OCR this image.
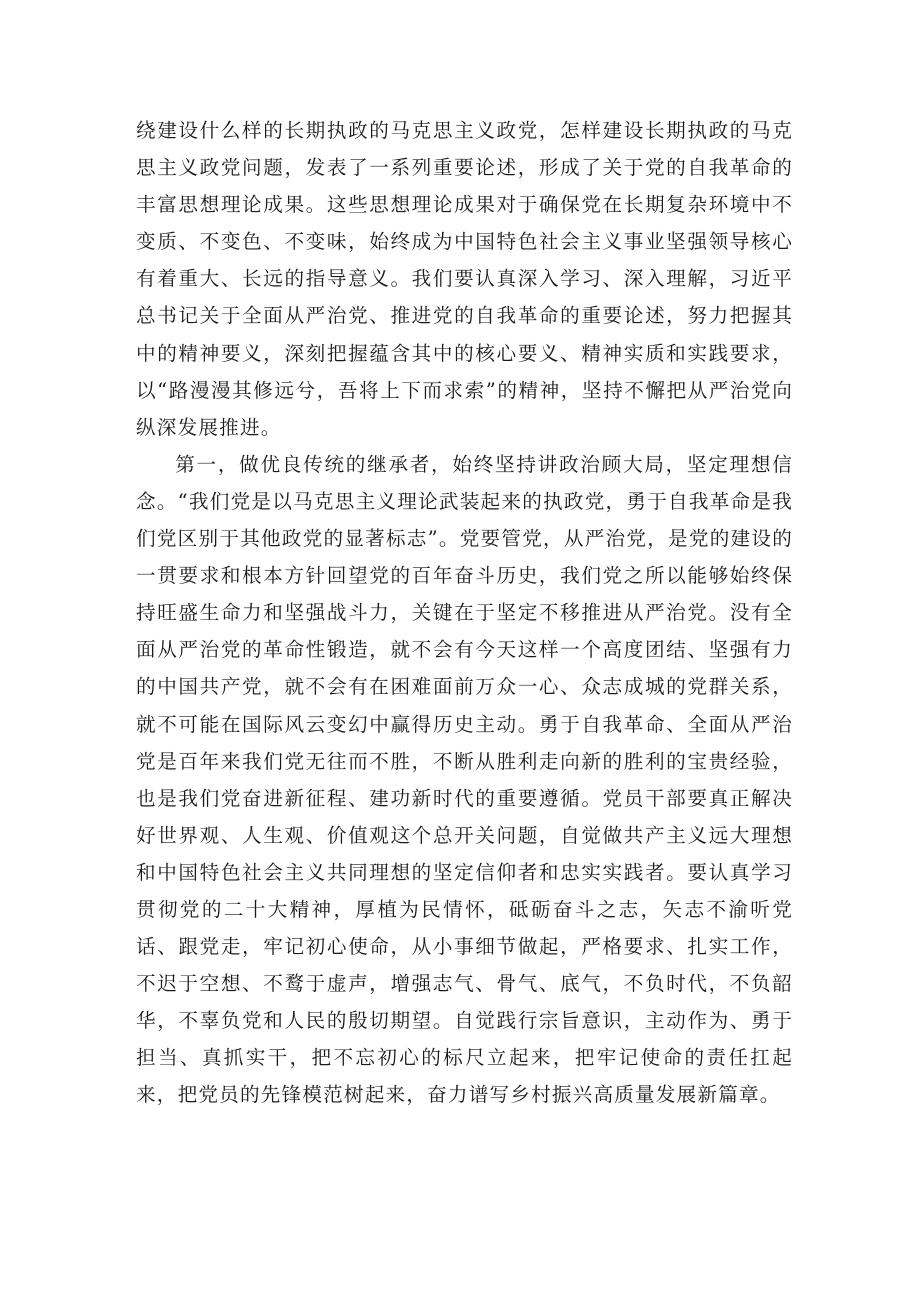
绕建设什么样的长期执政的马克思主义政党，怎样建设长期执政的马克思主义政党问题，发表了一系列重要论述，形成了关于党的自我革命的丰富思想理论成果。这些思想理论成果对于确保党在长期复杂环境中不变质、不变色、不变味，始终成为中国特色社会主义事业坚强领导核心有着重大、长远的指导意义。我们要认真深入学习、深入理解，习近平总书记关于全面从严治党、推进党的自我革命的重要论述，努力把握其中的精神要义，深刻把握蕴含其中的核心要义、精神实质和实践要求，以“路漫漫其修远兮，吾将上下而求索”的精神，坚持不懈把从严治党向纵深发展推进。

第一，做优良传统的继承者，始终坚持讲政治顾大局，坚定理想信念。“我们党是以马克思主义理论武装起来的执政党，勇于自我革命是我们党区别于其他政党的显著标志”。党要管党，从严治党，是党的建设的一贯要求和根本方针回望党的百年奋斗历史，我们党之所以能够始终保持旺盛生命力和坚强战斗力，关键在于坚定不移推进从严治党。没有全面从严治党的革命性锻造，就不会有今天这样一个高度团结、坚强有力的中国共产党，就不会有在困难面前万众一心、众志成城的党群关系，就不可能在国际风云变幻中赢得历史主动。勇于自我革命、全面从严治党是百年来我们党无往而不胜，不断从胜利走向新的胜利的宝贵经验，也是我们党奋进新征程、建功新时代的重要遵循。党员干部要真正解决好世界观、人生观、价值观这个总开关问题，自觉做共产主义远大理想和中国特色社会主义共同理想的坚定信仰者和忠实实践者。要认真学习贯彻党的二十大精神，厚植为民情怀，砥砺奋斗之志，矢志不渝听党话、跟党走，牢记初心使命，从小事细节做起，严格要求、扎实工作，不迟于空想、不鹜于虚声，增强志气、骨气、底气，不负时代，不负韶华，不辜负党和人民的殷切期望。自觉践行宗旨意识，主动作为、勇于担当、真抓实干，把不忘初心的标尺立起来，把牢记使命的责任扛起来，把党员的先锋模范树起来，奋力谱写乡村振兴高质量发展新篇章。
